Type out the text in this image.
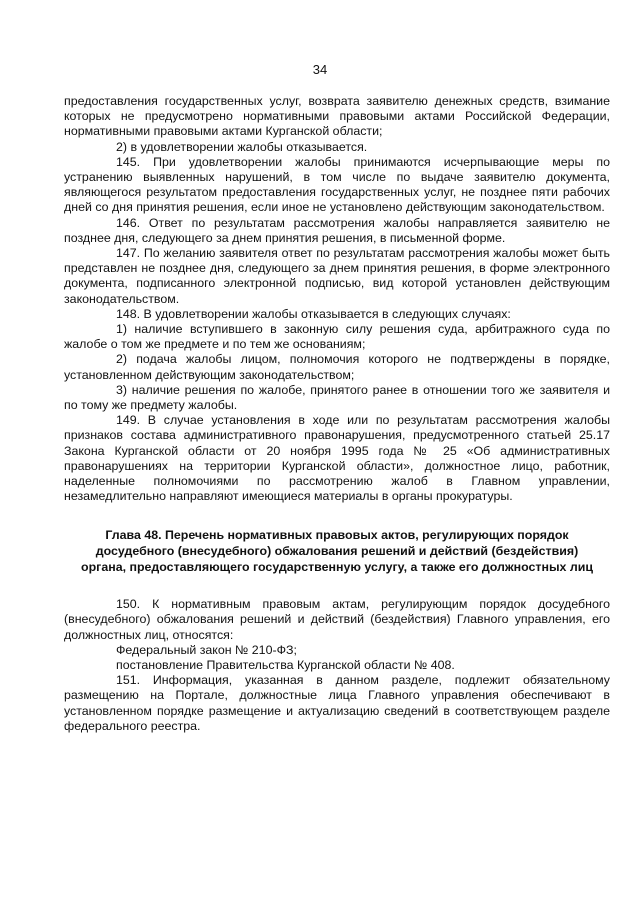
34

предоставления государственных услуг, возврата заявителю денежных средств, взимание которых не предусмотрено нормативными правовыми актами Российской Федерации, нормативными правовыми актами Курганской области;

2) в удовлетворении жалобы отказывается.

145. При удовлетворении жалобы принимаются исчерпывающие меры по устранению выявленных нарушений, в том числе по выдаче заявителю документа, являющегося результатом предоставления государственных услуг, не позднее пяти рабочих дней со дня принятия решения, если иное не установлено действующим законодательством.

146. Ответ по результатам рассмотрения жалобы направляется заявителю не позднее дня, следующего за днем принятия решения, в письменной форме.

147. По желанию заявителя ответ по результатам рассмотрения жалобы может быть представлен не позднее дня, следующего за днем принятия решения, в форме электронного документа, подписанного электронной подписью, вид которой установлен действующим законодательством.

148. В удовлетворении жалобы отказывается в следующих случаях:

1) наличие вступившего в законную силу решения суда, арбитражного суда по жалобе о том же предмете и по тем же основаниям;

2) подача жалобы лицом, полномочия которого не подтверждены в порядке, установленном действующим законодательством;

3) наличие решения по жалобе, принятого ранее в отношении того же заявителя и по тому же предмету жалобы.

149. В случае установления в ходе или по результатам рассмотрения жалобы признаков состава административного правонарушения, предусмотренного статьей 25.17 Закона Курганской области от 20 ноября 1995 года № 25 «Об административных правонарушениях на территории Курганской области», должностное лицо, работник, наделенные полномочиями по рассмотрению жалоб в Главном управлении, незамедлительно направляют имеющиеся материалы в органы прокуратуры.

Глава 48. Перечень нормативных правовых актов, регулирующих порядок
досудебного (внесудебного) обжалования решений и действий (бездействия)
органа, предоставляющего государственную услугу, а также его должностных лиц

150. К нормативным правовым актам, регулирующим порядок досудебного (внесудебного) обжалования решений и действий (бездействия) Главного управления, его должностных лиц, относятся:

Федеральный закон № 210-ФЗ;

постановление Правительства Курганской области № 408.

151. Информация, указанная в данном разделе, подлежит обязательному размещению на Портале, должностные лица Главного управления обеспечивают в установленном порядке размещение и актуализацию сведений в соответствующем разделе федерального реестра.
